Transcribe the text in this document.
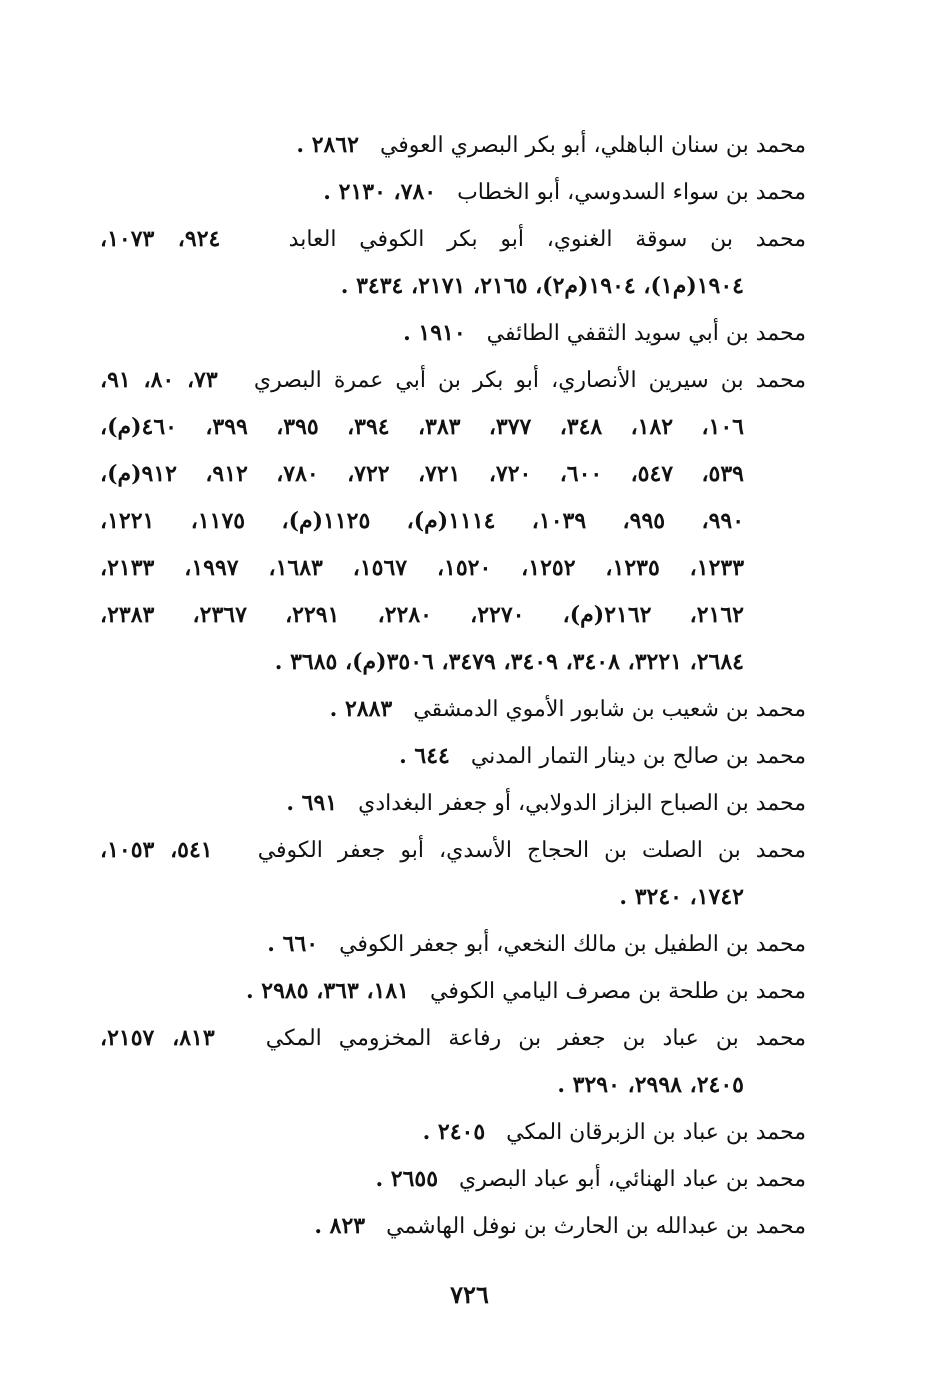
محمد بن سنان الباهلي، أبو بكر البصري العوفي   ٢٨٦٢ .
محمد بن سواء السدوسي، أبو الخطاب   ٧٨٠، ٢١٣٠ .
محمد بن سوقة الغنوي، أبو بكر الكوفي العابد   ٩٢٤، ١٠٧٣،
١٩٠٤(م١)، ١٩٠٤(م٢)، ٢١٦٥، ٢١٧١، ٣٤٣٤ .
محمد بن أبي سويد الثقفي الطائفي   ١٩١٠ .
محمد بن سيرين الأنصاري، أبو بكر بن أبي عمرة البصري   ٧٣، ٨٠، ٩١،
١٠٦، ١٨٢، ٣٤٨، ٣٧٧، ٣٨٣، ٣٩٤، ٣٩٥، ٣٩٩، ٤٦٠(م)،
٥٣٩، ٥٤٧، ٦٠٠، ٧٢٠، ٧٢١، ٧٢٢، ٧٨٠، ٩١٢، ٩١٢(م)،
٩٩٠، ٩٩٥، ١٠٣٩، ١١١٤(م)، ١١٢٥(م)، ١١٧٥، ١٢٢١،
١٢٣٣، ١٢٣٥، ١٢٥٢، ١٥٢٠، ١٥٦٧، ١٦٨٣، ١٩٩٧، ٢١٣٣،
٢١٦٢، ٢١٦٢(م)، ٢٢٧٠، ٢٢٨٠، ٢٢٩١، ٢٣٦٧، ٢٣٨٣،
٢٦٨٤، ٣٢٢١، ٣٤٠٨، ٣٤٠٩، ٣٤٧٩، ٣٥٠٦(م)، ٣٦٨٥ .
محمد بن شعيب بن شابور الأموي الدمشقي   ٢٨٨٣ .
محمد بن صالح بن دينار التمار المدني   ٦٤٤ .
محمد بن الصباح البزاز الدولابي، أو جعفر البغدادي   ٦٩١ .
محمد بن الصلت بن الحجاج الأسدي، أبو جعفر الكوفي   ٥٤١، ١٠٥٣،
١٧٤٢، ٣٢٤٠ .
محمد بن الطفيل بن مالك النخعي، أبو جعفر الكوفي   ٦٦٠ .
محمد بن طلحة بن مصرف اليامي الكوفي   ١٨١، ٣٦٣، ٢٩٨٥ .
محمد بن عباد بن جعفر بن رفاعة المخزومي المكي   ٨١٣، ٢١٥٧،
٢٤٠٥، ٢٩٩٨، ٣٢٩٠ .
محمد بن عباد بن الزبرقان المكي   ٢٤٠٥ .
محمد بن عباد الهنائي، أبو عباد البصري   ٢٦٥٥ .
محمد بن عبدالله بن الحارث بن نوفل الهاشمي   ٨٢٣ .
٧٢٦
